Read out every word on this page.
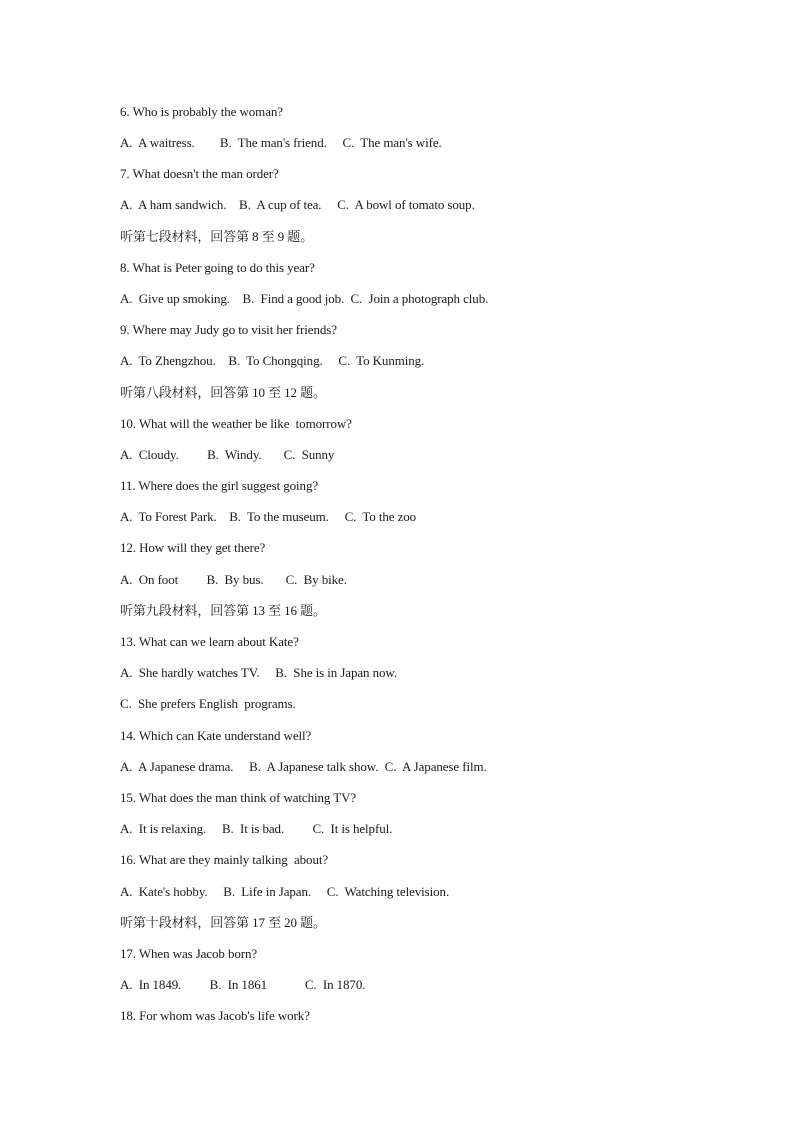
6. Who is probably the woman?
A.  A waitress.        B.  The man's friend.     C.  The man's wife.
7. What doesn't the man order?
A.  A ham sandwich.    B.  A cup of tea.     C.  A bowl of tomato soup.
听第七段材料，回答第 8 至 9 题。
8. What is Peter going to do this year?
A.  Give up smoking.    B.  Find a good job.  C.  Join a photograph club.
9. Where may Judy go to visit her friends?
A.  To Zhengzhou.    B.  To Chongqing.     C.  To Kunming.
听第八段材料，回答第 10 至 12 题。
10. What will the weather be like  tomorrow?
A.  Cloudy.         B.  Windy.       C.  Sunny
11. Where does the girl suggest going?
A.  To Forest Park.    B.  To the museum.     C.  To the zoo
12. How will they get there?
A.  On foot         B.  By bus.       C.  By bike.
听第九段材料，回答第 13 至 16 题。
13. What can we learn about Kate?
A.  She hardly watches TV.     B.  She is in Japan now.
C.  She prefers English  programs.
14. Which can Kate understand well?
A.  A Japanese drama.     B.  A Japanese talk show.  C.  A Japanese film.
15. What does the man think of watching TV?
A.  It is relaxing.     B.  It is bad.         C.  It is helpful.
16. What are they mainly talking  about?
A.  Kate's hobby.     B.  Life in Japan.     C.  Watching television.
听第十段材料，回答第 17 至 20 题。
17. When was Jacob born?
A.  In 1849.         B.  In 1861            C.  In 1870.
18. For whom was Jacob's life work?
